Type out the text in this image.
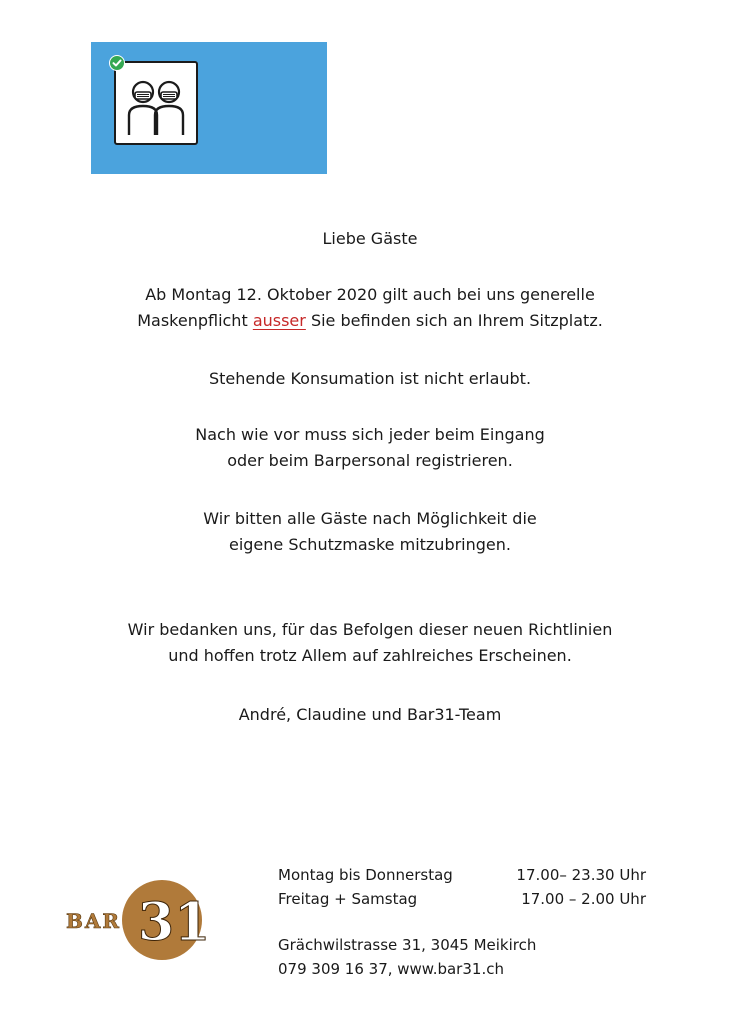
Liebe Gäste

Ab Montag 12. Oktober 2020 gilt auch bei uns generelle

Maskenpflicht ausser Sie befinden sich an Ihrem Sitzplatz.

Stehende Konsumation ist nicht erlaubt.

Nach wie vor muss sich jeder beim Eingang

oder beim Barpersonal registrieren.

Wir bitten alle Gäste nach Möglichkeit die

eigene Schutzmaske mitzubringen.

Wir bedanken uns, für das Befolgen dieser neuen Richtlinien

und hoffen trotz Allem auf zahlreiches Erscheinen.

André, Claudine und Bar31-Team

BAR 31
Montag bis Donnerstag	17.00– 23.30 Uhr
Freitag + Samstag	17.00 – 2.00 Uhr

Grächwilstrasse 31, 3045 Meikirch

079 309 16 37, www.bar31.ch
